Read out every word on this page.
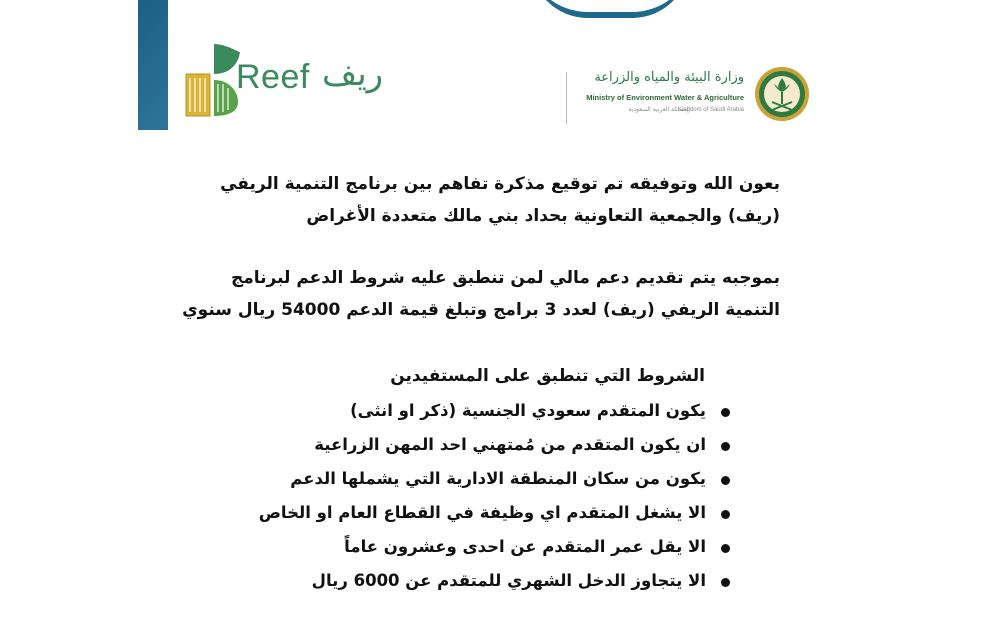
Reef ريف	وزارة البيئة والمياه والزراعة
Ministry of Environment Water & Agriculture
Kingdom of Saudi Arabia
المملكة العربية السعودية
بعون الله وتوفيقه تم توقيع مذكرة تفاهم بين برنامج التنمية الريفي
(ريف) والجمعية التعاونية بحداد بني مالك متعددة الأغراض
بموجبه يتم تقديم دعم مالي لمن تنطبق عليه شروط الدعم لبرنامج
التنمية الريفي (ريف) لعدد 3 برامج وتبلغ قيمة الدعم 54000 ريال سنوي
الشروط التي تنطبق على المستفيدين
يكون المتقدم سعودي الجنسية (ذكر او انثى)
ان يكون المتقدم من مُمتهني احد المهن الزراعية
يكون من سكان المنطقة الادارية التي يشملها الدعم
الا يشغل المتقدم اي وظيفة في القطاع العام او الخاص
الا يقل عمر المتقدم عن احدى وعشرون عاماً
الا يتجاوز الدخل الشهري للمتقدم عن 6000 ريال
